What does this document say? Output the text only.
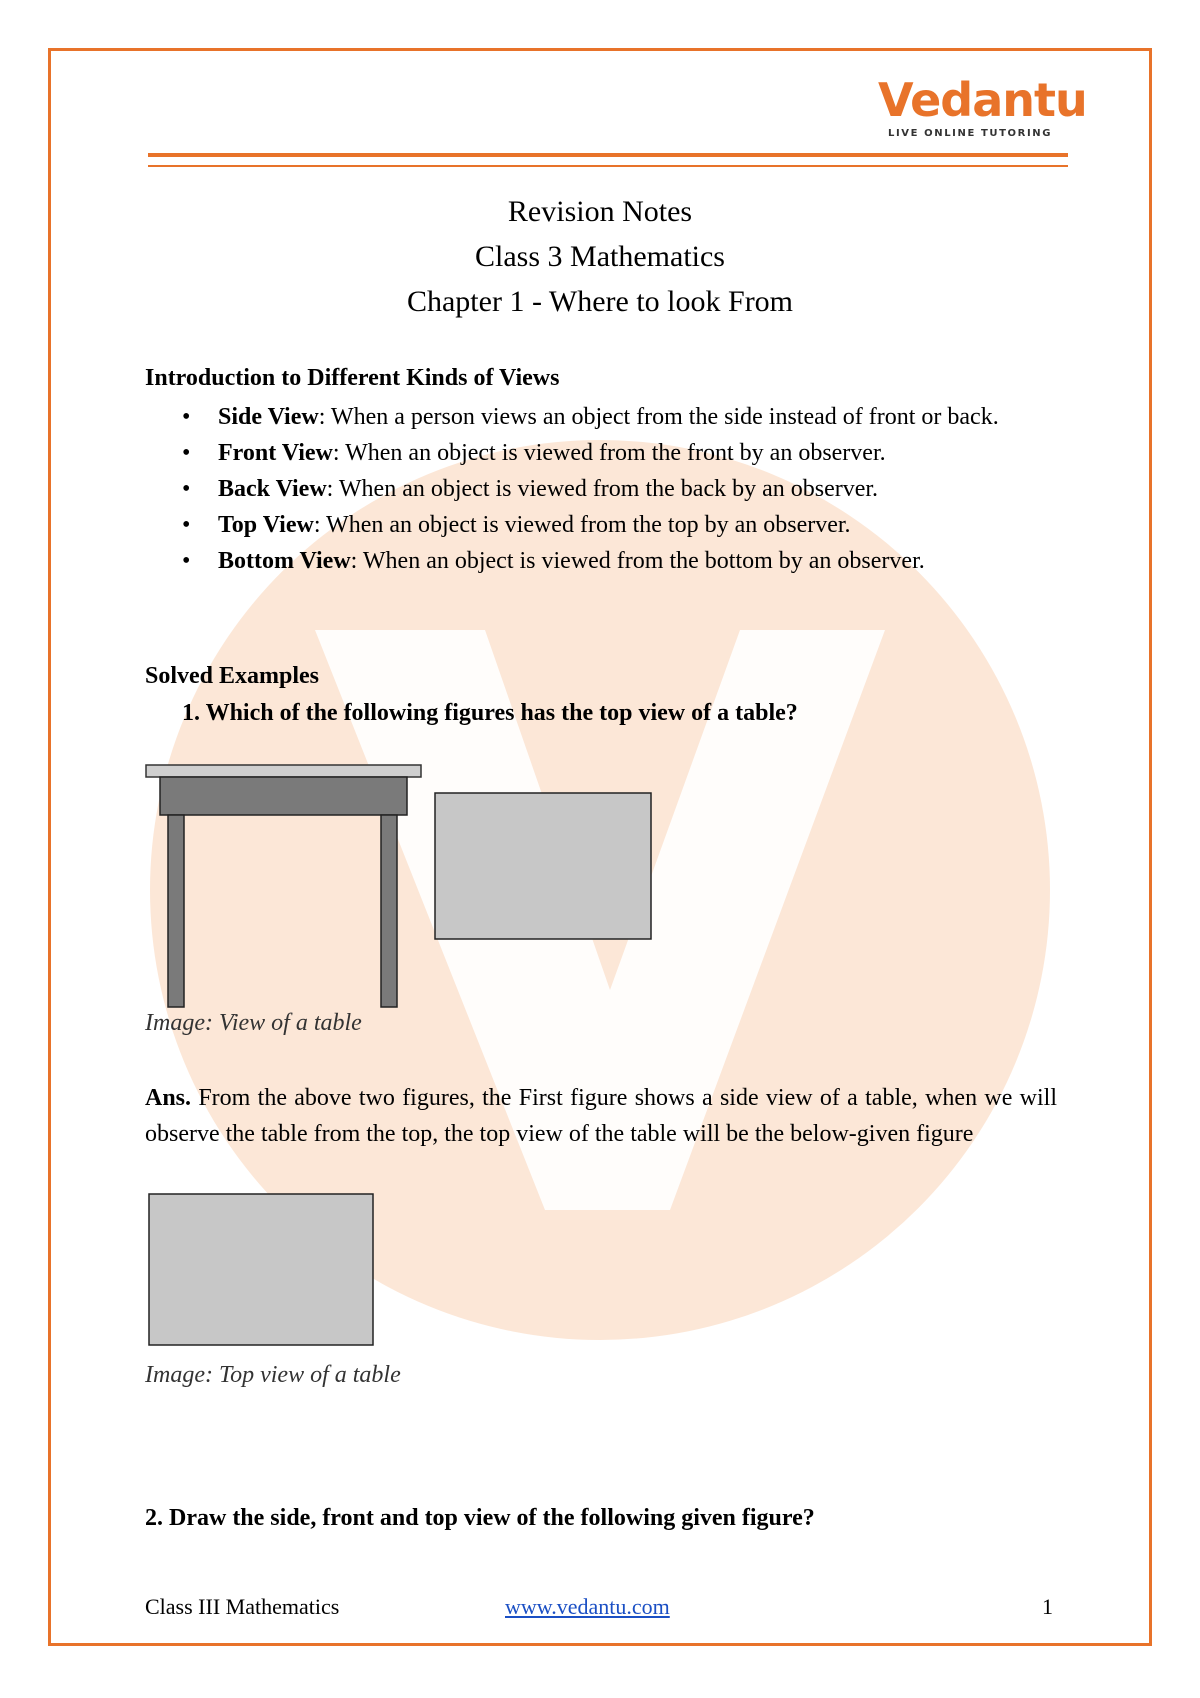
Vedantu
LIVE ONLINE TUTORING
Revision Notes
Class 3 Mathematics
Chapter 1 - Where to look From
Introduction to Different Kinds of Views
• Side View: When a person views an object from the side instead of front or back.
• Front View: When an object is viewed from the front by an observer.
• Back View: When an object is viewed from the back by an observer.
• Top View: When an object is viewed from the top by an observer.
• Bottom View: When an object is viewed from the bottom by an observer.
Solved Examples
1. Which of the following figures has the top view of a table?
Image: View of a table
Ans. From the above two figures, the First figure shows a side view of a table, when we will observe the table from the top, the top view of the table will be the below-given figure
Image: Top view of a table
2. Draw the side, front and top view of the following given figure?
Class III Mathematics	www.vedantu.com	1
